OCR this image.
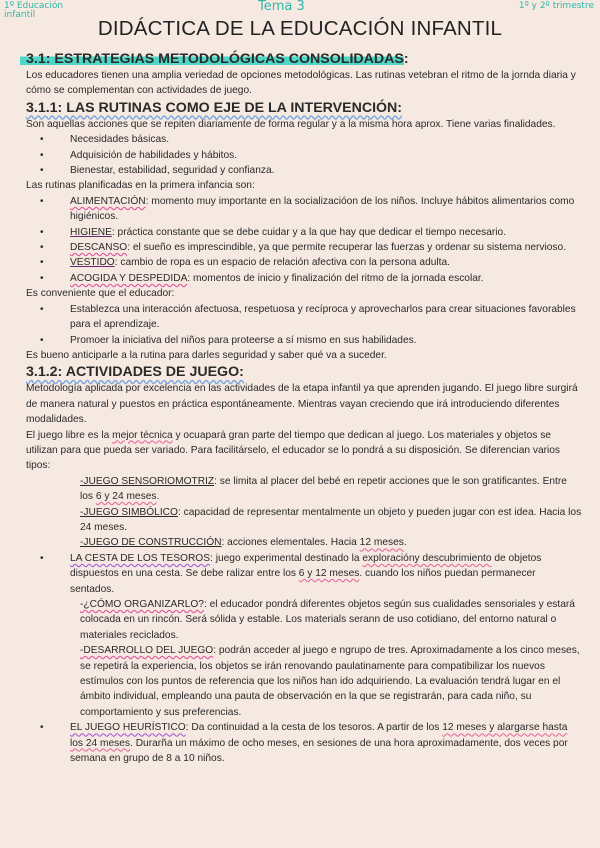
1º Educación infantil
Tema 3	1º y 2º trimestre
DIDÁCTICA DE LA EDUCACIÓN INFANTIL
3.1: ESTRATEGIAS METODOLÓGICAS CONSOLIDADAS:

Los educadores tienen una amplia veriedad de opciones metodológicas. Las rutinas vetebran el ritmo de la jornda diaria y cómo se complementan con actividades de juego.

3.1.1: LAS RUTINAS COMO EJE DE LA INTERVENCIÓN:

Son aquellas acciones que se repiten diariamente de forma regular y a la misma hora aprox. Tiene varias finalidades.

• Necesidades básicas.
• Adquisición de habilidades y hábitos.
• Bienestar, estabilidad, seguridad y confianza.

Las rutinas planificadas en la primera infancia son:

• ALIMENTACIÓN: momento muy importante en la socializacióon de los niños. Incluye hábitos alimentarios como higiénicos.
• HIGIENE: práctica constante que se debe cuidar y a la que hay que dedicar el tiempo necesario.
• DESCANSO: el sueño es imprescindible, ya que permite recuperar las fuerzas y ordenar su sistema nervioso.
• VESTIDO: cambio de ropa es un espacio de relación afectiva con la persona adulta.
• ACOGIDA Y DESPEDIDA: momentos de inicio y finalización del ritmo de la jornada escolar.

Es conveniente que el educador:

• Establezca una interacción afectuosa, respetuosa y recíproca y aprovecharlos para crear situaciones favorables para el aprendizaje.
• Promoer la iniciativa del niños para proteerse a sí mismo en sus habilidades.

Es bueno anticiparle a la rutina para darles seguridad y saber qué va a suceder.

3.1.2: ACTIVIDADES DE JUEGO:

Metodología aplicada por excelencia en las actividades de la etapa infantil ya que aprenden jugando. El juego libre surgirá de manera natural y puestos en práctica espontáneamente. Mientras vayan creciendo que irá introduciendo diferentes modalidades.

El juego libre es la mejor técnica y ocuapará gran parte del tiempo que dedican al juego. Los materiales y objetos se utilizan para que pueda ser variado. Para facilitárselo, el educador se lo pondrá a su disposición. Se diferencian varios tipos:

-JUEGO SENSORIOMOTRIZ: se limita al placer del bebé en repetir acciones que le son gratificantes. Entre los 6 y 24 meses.

-JUEGO SIMBÓLICO: capacidad de representar mentalmente un objeto y pueden jugar con est idea. Hacia los 24 meses.

-JUEGO DE CONSTRUCCIÓN: acciones elementales. Hacia 12 meses.

• LA CESTA DE LOS TESOROS: juego experimental destinado la exploracióny descubrimiento de objetos dispuestos en una cesta. Se debe ralizar entre los 6 y 12 meses. cuando los niños puedan permanecer sentados.

-¿CÓMO ORGANIZARLO?: el educador pondrá diferentes objetos según sus cualidades sensoriales y estará colocada en un rincón. Será sólida y estable. Los materials serann de uso cotidiano, del entorno natural o materiales reciclados.

-DESARROLLO DEL JUEGO: podrán acceder al juego e ngrupo de tres. Aproximadamente a los cinco meses, se repetirá la experiencia, los objetos se irán renovando paulatinamente para compatibilizar los nuevos estímulos con los puntos de referencia que los niños han ido adquiriendo. La evaluación tendrá lugar en el ámbito individual, empleando una pauta de observación en la que se registrarán, para cada niño, su comportamiento y sus preferencias.

• EL JUEGO HEURÍSTICO: Da continuidad a la cesta de los tesoros. A partir de los 12 meses y alargarse hasta los 24 meses. Durarña un máximo de ocho meses, en sesiones de una hora aproximadamente, dos veces por semana en grupo de 8 a 10 niños.
